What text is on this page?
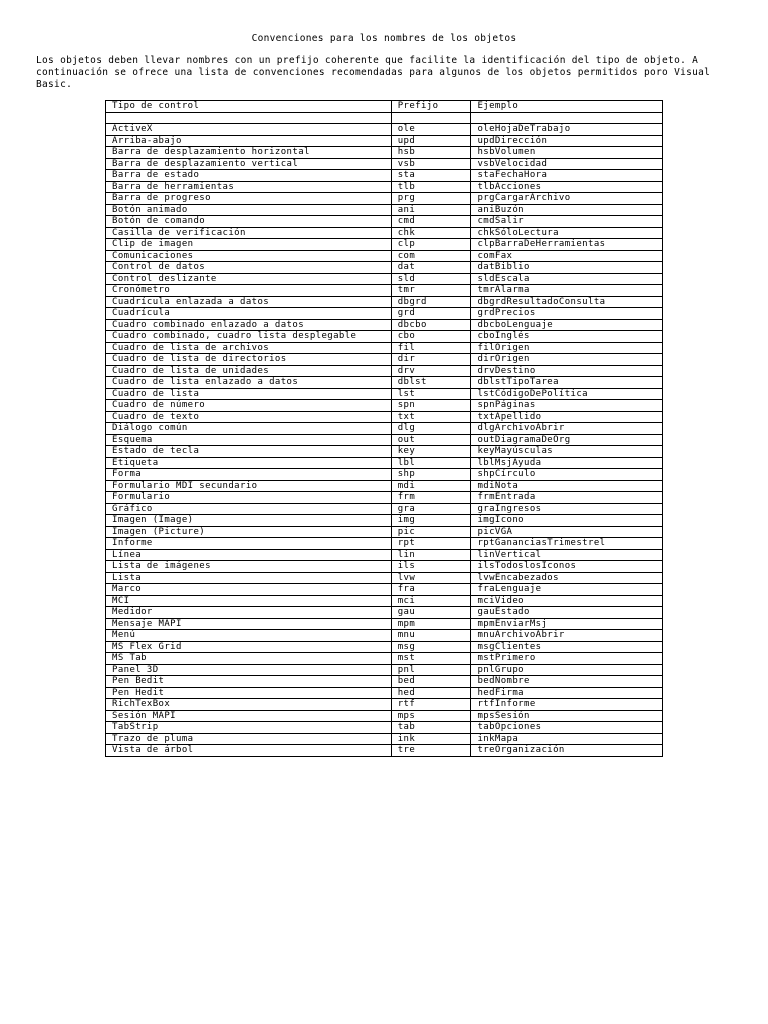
Convenciones para los nombres de los objetos
Los objetos deben llevar nombres con un prefijo coherente que facilite la identificación del tipo de objeto. A continuación se ofrece una lista de convenciones recomendadas para algunos de los objetos permitidos poro Visual Basic.
Tipo de control	Prefijo	Ejemplo

ActiveX	ole	oleHojaDeTrabajo
Arriba-abajo	upd	updDirección
Barra de desplazamiento horizontal	hsb	hsbVolumen
Barra de desplazamiento vertical	vsb	vsbVelocidad
Barra de estado	sta	staFechaHora
Barra de herramientas	tlb	tlbAcciones
Barra de progreso	prg	prgCargarArchivo
Botón animado	ani	aniBuzón
Botón de comando	cmd	cmdSalir
Casilla de verificación	chk	chkSóloLectura
Clip de imagen	clp	clpBarraDeHerramientas
Comunicaciones	com	comFax
Control de datos	dat	datBiblio
Control deslizante	sld	sldEscala
Cronómetro	tmr	tmrAlarma
Cuadrícula enlazada a datos	dbgrd	dbgrdResultadoConsulta
Cuadrícula	grd	grdPrecios
Cuadro combinado enlazado a datos	dbcbo	dbcboLenguaje
Cuadro combinado, cuadro lista desplegable	cbo	cboInglés
Cuadro de lista de archivos	fil	filOrigen
Cuadro de lista de directorios	dir	dirOrigen
Cuadro de lista de unidades	drv	drvDestino
Cuadro de lista enlazado a datos	dblst	dblstTipoTarea
Cuadro de lista	lst	lstCódigoDePolítica
Cuadro de número	spn	spnPáginas
Cuadro de texto	txt	txtApellido
Diálogo común	dlg	dlgArchivoAbrir
Esquema	out	outDiagramaDeOrg
Estado de tecla	key	keyMayúsculas
Etiqueta	lbl	lblMsjAyuda
Forma	shp	shpCírculo
Formulario MDI secundario	mdi	mdiNota
Formulario	frm	frmEntrada
Gráfico	gra	graIngresos
Imagen (Image)	img	imgIcono
Imagen (Picture)	pic	picVGA
Informe	rpt	rptGananciasTrimestrel
Línea	lin	linVertical
Lista de imágenes	ils	ilsTodoslosIconos
Lista	lvw	lvwEncabezados
Marco	fra	fraLenguaje
MCI	mci	mciVideo
Medidor	gau	gauEstado
Mensaje MAPI	mpm	mpmEnviarMsj
Menú	mnu	mnuArchivoAbrir
MS Flex Grid	msg	msgClientes
MS Tab	mst	mstPrimero
Panel 3D	pnl	pnlGrupo
Pen Bedit	bed	bedNombre
Pen Hedit	hed	hedFirma
RichTexBox	rtf	rtfInforme
Sesión MAPI	mps	mpsSesión
TabStrip	tab	tabOpciones
Trazo de pluma	ink	inkMapa
Vista de árbol	tre	treOrganización
